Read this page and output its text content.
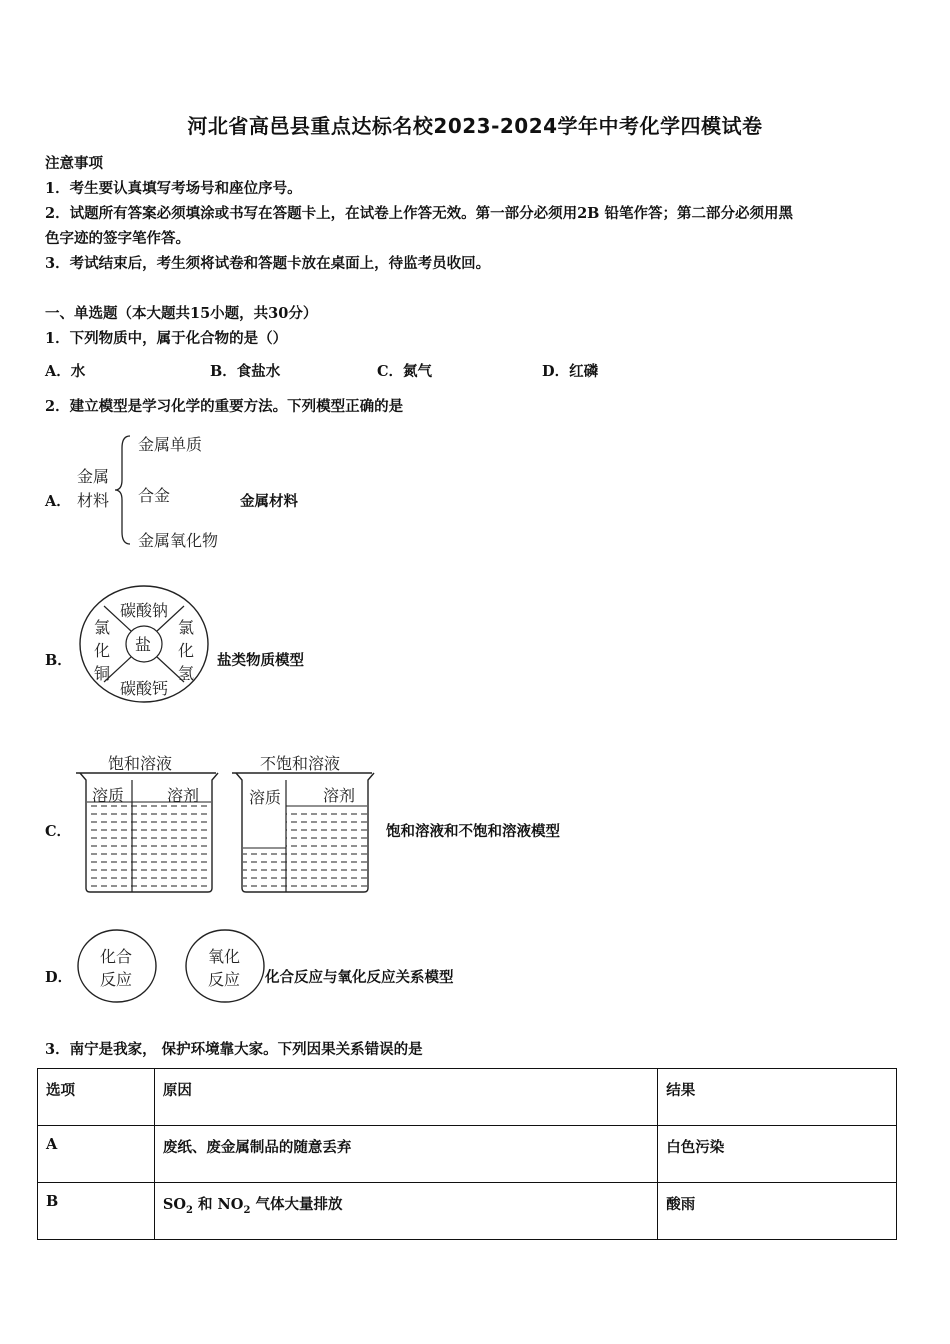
河北省高邑县重点达标名校2023-2024学年中考化学四模试卷
注意事项
1．考生要认真填写考场号和座位序号。
2．试题所有答案必须填涂或书写在答题卡上，在试卷上作答无效。第一部分必须用2B 铅笔作答；第二部分必须用黑
色字迹的签字笔作答。
3．考试结束后，考生须将试卷和答题卡放在桌面上，待监考员收回。
一、单选题（本大题共15小题，共30分）
1．下列物质中，属于化合物的是（）
A．水	B．食盐水	C．氮气	D．红磷
2．建立模型是学习化学的重要方法。下列模型正确的是
A．
金属
材料
金属单质
合金
金属氧化物
金属材料
B．
盐
碳酸钠
碳酸钙
氯
化
铜
氯
化
氢
盐类物质模型
C．
饱和溶液
溶质	溶剂
不饱和溶液
溶质	溶剂
饱和溶液和不饱和溶液模型
D．
化合
反应
氧化
反应 化合反应与氧化反应关系模型
3．南宁是我家， 保护环境靠大家。下列因果关系错误的是
选项	原因	结果
A	废纸、废金属制品的随意丢弃	白色污染
B	$SO_2$ 和 $NO_2$ 气体大量排放	酸雨
